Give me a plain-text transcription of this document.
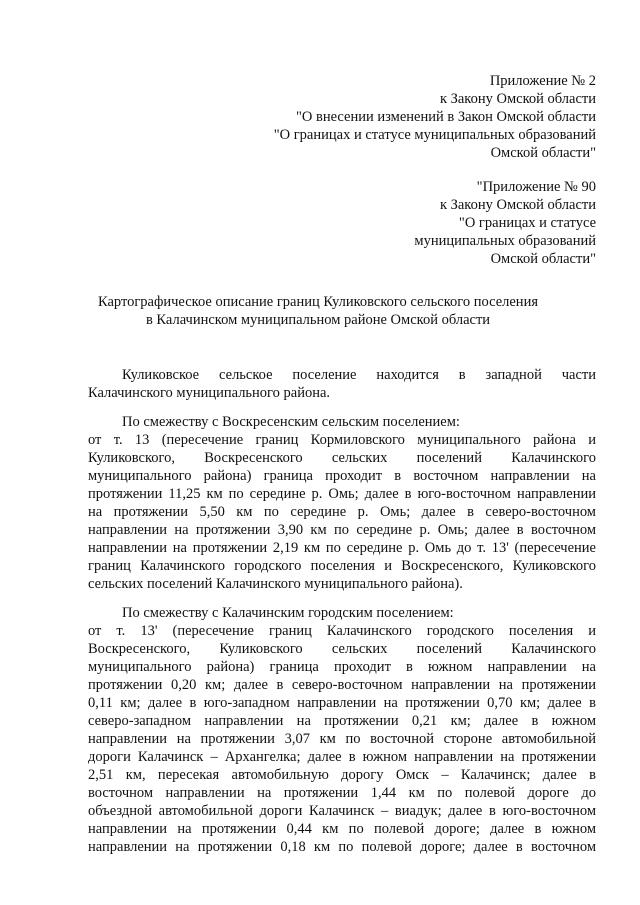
Приложение № 2
к Закону Омской области
"О внесении изменений в Закон Омской области
"О границах и статусе муниципальных образований
Омской области"
"Приложение № 90
к Закону Омской области
"О границах и статусе
муниципальных образований
Омской области"
Картографическое описание границ Куликовского сельского поселения
в Калачинском муниципальном районе Омской области
Куликовское сельское поселение находится в западной части
Калачинского муниципального района.
По смежеству с Воскресенским сельским поселением:
от т. 13 (пересечение границ Кормиловского муниципального района и
Куликовского, Воскресенского сельских поселений Калачинского
муниципального района) граница проходит в восточном направлении на
протяжении 11,25 км по середине р. Омь; далее в юго-восточном направлении
на протяжении 5,50 км по середине р. Омь; далее в северо-восточном
направлении на протяжении 3,90 км по середине р. Омь; далее в восточном
направлении на протяжении 2,19 км по середине р. Омь до т. 13' (пересечение
границ Калачинского городского поселения и Воскресенского, Куликовского
сельских поселений Калачинского муниципального района).
По смежеству с Калачинским городским поселением:
от т. 13' (пересечение границ Калачинского городского поселения и
Воскресенского, Куликовского сельских поселений Калачинского
муниципального района) граница проходит в южном направлении на
протяжении 0,20 км; далее в северо-восточном направлении на протяжении
0,11 км; далее в юго-западном направлении на протяжении 0,70 км; далее в
северо-западном направлении на протяжении 0,21 км; далее в южном
направлении на протяжении 3,07 км по восточной стороне автомобильной
дороги Калачинск – Архангелка; далее в южном направлении на протяжении
2,51 км, пересекая автомобильную дорогу Омск – Калачинск; далее в
восточном направлении на протяжении 1,44 км по полевой дороге до
объездной автомобильной дороги Калачинск – виадук; далее в юго-восточном
направлении на протяжении 0,44 км по полевой дороге; далее в южном
направлении на протяжении 0,18 км по полевой дороге; далее в восточном
